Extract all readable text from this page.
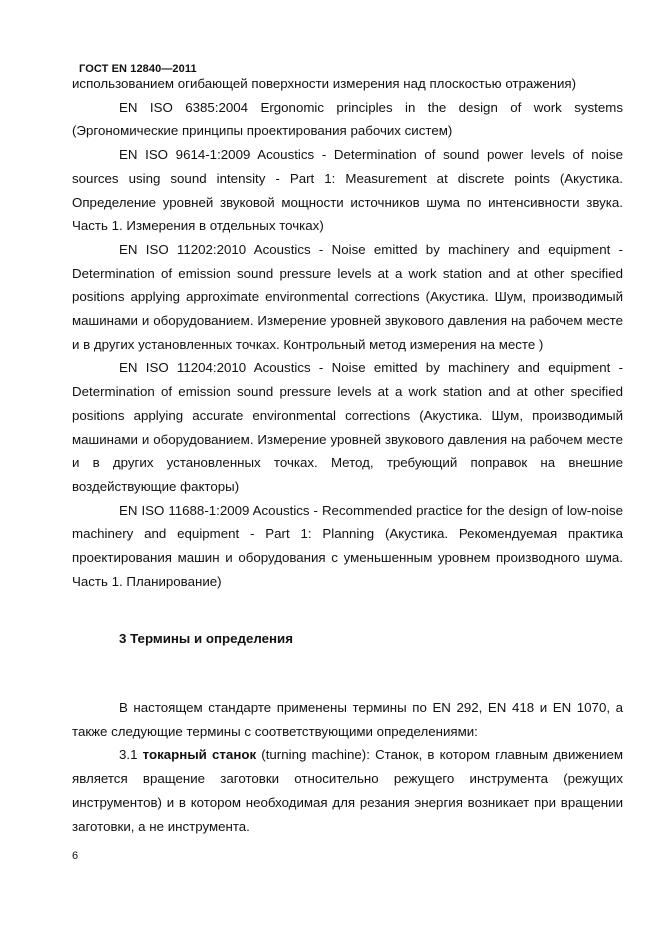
ГОСТ EN 12840—2011

использованием огибающей поверхности измерения над плоскостью отражения)

EN ISO 6385:2004 Ergonomic principles in the design of work systems (Эргономические принципы проектирования рабочих систем)

EN ISO 9614-1:2009 Acoustics - Determination of sound power levels of noise sources using sound intensity - Part 1: Measurement at discrete points (Акустика. Определение уровней звуковой мощности источников шума по интенсивности звука. Часть 1. Измерения в отдельных точках)

EN ISO 11202:2010 Acoustics - Noise emitted by machinery and equipment - Determination of emission sound pressure levels at a work station and at other specified positions applying approximate environmental corrections (Акустика. Шум, производимый машинами и оборудованием. Измерение уровней звукового давления на рабочем месте и в других установленных точках. Контрольный метод измерения на месте )

EN ISO 11204:2010 Acoustics - Noise emitted by machinery and equipment - Determination of emission sound pressure levels at a work station and at other specified positions applying accurate environmental corrections (Акустика. Шум, производимый машинами и оборудованием. Измерение уровней звукового давления на рабочем месте и в других установленных точках. Метод, требующий поправок на внешние воздействующие факторы)

EN ISO 11688-1:2009 Acoustics - Recommended practice for the design of low-noise machinery and equipment - Part 1: Planning (Акустика. Рекомендуемая практика проектирования машин и оборудования с уменьшенным уровнем производного шума. Часть 1. Планирование)

3 Термины и определения

В настоящем стандарте применены термины по EN 292, EN 418 и EN 1070, а также следующие термины с соответствующими определениями:

3.1 токарный станок (turning machine): Станок, в котором главным движением является вращение заготовки относительно режущего инструмента (режущих инструментов) и в котором необходимая для резания энергия возникает при вращении заготовки, а не инструмента.

6
